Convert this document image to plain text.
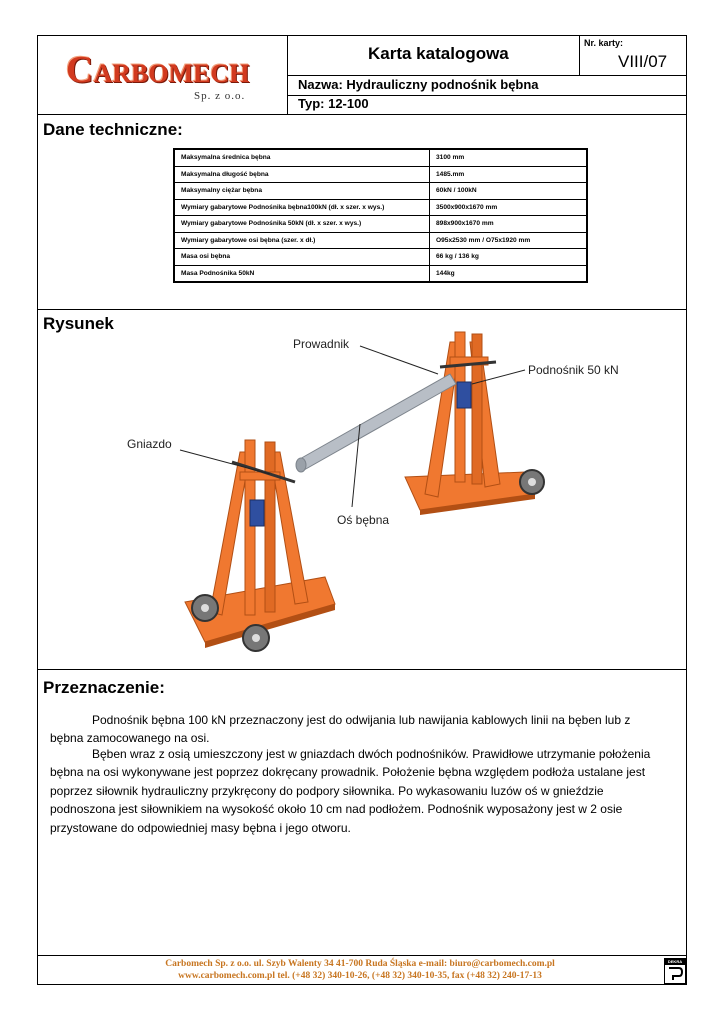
CARBOMECH
Sp. z o.o.
Karta katalogowa
Nr. karty:
VIII/07
Nazwa: Hydrauliczny podnośnik bębna
Typ: 12-100
Dane techniczne:
Maksymalna średnica bębna	3100 mm
Maksymalna długość bębna	1485.mm
Maksymalny ciężar bębna	60kN / 100kN
Wymiary gabarytowe Podnośnika bębna100kN (dł. x szer. x wys.)	3500x900x1670 mm
Wymiary gabarytowe Podnośnika 50kN (dł. x szer. x wys.)	898x900x1670 mm
Wymiary gabarytowe osi bębna (szer. x dł.)	O95x2530 mm / O75x1920 mm
Masa osi bębna	66 kg / 136 kg
Masa Podnośnika 50kN	144kg
Rysunek
Prowadnik
Podnośnik 50 kN
Gniazdo
Oś bębna
Przeznaczenie:
Podnośnik bębna 100 kN przeznaczony jest do odwijania lub nawijania kablowych linii na bęben lub z
bębna zamocowanego na osi.
Bęben wraz z osią umieszczony jest w gniazdach dwóch podnośników. Prawidłowe utrzymanie położenia
bębna na osi wykonywane jest poprzez dokręcany prowadnik. Położenie bębna względem podłoża ustalane jest
poprzez siłownik hydrauliczny przykręcony do podpory siłownika. Po wykasowaniu luzów oś w gnieździe
podnoszona jest siłownikiem na wysokość około 10 cm nad podłożem. Podnośnik wyposażony jest w 2 osie
przystowane do odpowiedniej masy bębna i jego otworu.
Carbomech Sp. z o.o. ul. Szyb Walenty 34 41-700 Ruda Śląska e-mail: biuro@carbomech.com.pl
www.carbomech.com.pl tel. (+48 32) 340-10-26, (+48 32) 340-10-35, fax (+48 32) 240-17-13
DEKRA
